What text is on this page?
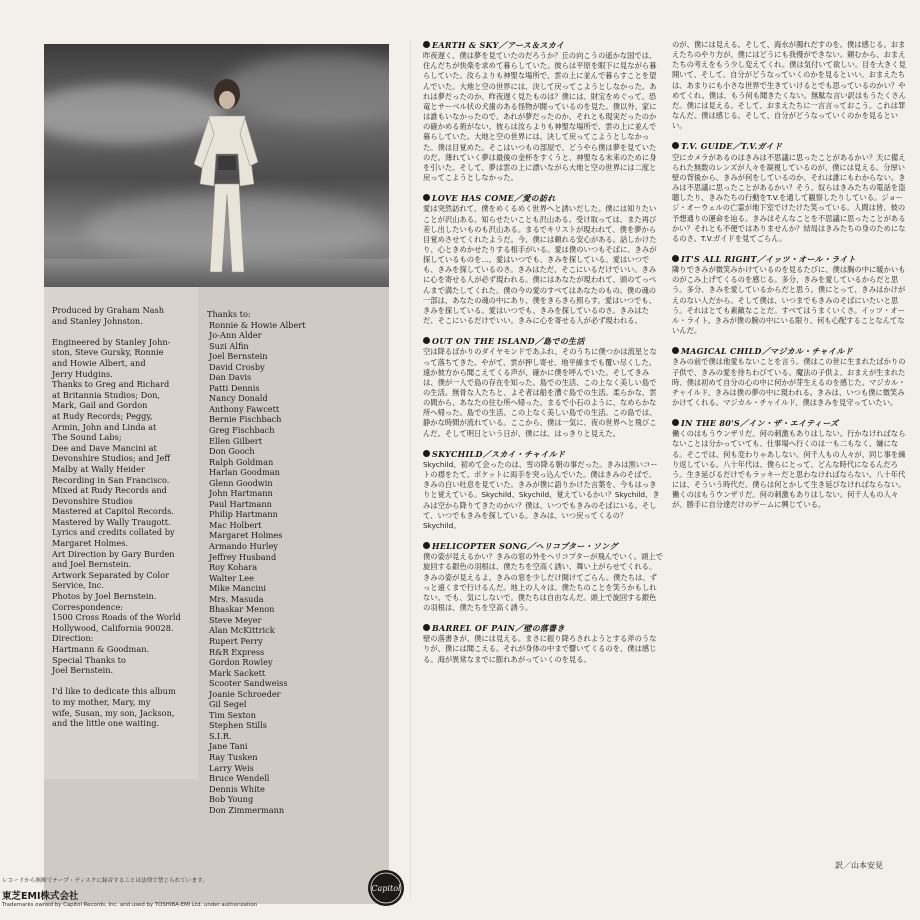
Produced by Graham Nash
and Stanley Johnston.

Engineered by Stanley John-
ston, Steve Gursky, Ronnie
and Howie Albert, and
Jerry Hudgins.
Thanks to Greg and Richard
at Britannia Studios; Don,
Mark, Gail and Gordon
at Rudy Records; Peggy,
Armin, John and Linda at
The Sound Labs;
Dee and Dave Mancini at
Devonshire Studios; and Jeff
Malby at Wally Heider
Recording in San Francisco.
Mixed at Rudy Records and
Devonshire Studios
Mastered at Capitol Records.
Mastered by Wally Traugott.
Lyrics and credits collated by
Margaret Holmes.
Art Direction by Gary Burden
and Joel Bernstein.
Artwork Separated by Color
Service, Inc.
Photos by Joel Bernstein.
Correspondence:
1500 Cross Roads of the World
Hollywood, California 90028.
Direction:
Hartmann & Goodman.
Special Thanks to
Joel Bernstein.

I'd like to dedicate this album
to my mother, Mary, my
wife, Susan, my son, Jackson,
and the little one waiting.

Thanks to:
Ronnie & Howie Albert
Jo-Ann Alder
Suzi Alfin
Joel Bernstein
David Crosby
Dan Davis
Patti Dennis
Nancy Donald
Anthony Fawcett
Bernie Fischbach
Greg Fischbach
Ellen Gilbert
Don Gooch
Ralph Goldman
Harlan Goodman
Glenn Goodwin
John Hartmann
Paul Hartmann
Philip Hartmann
Mac Holbert
Margaret Holmes
Armando Hurley
Jeffrey Husband
Roy Kohara
Walter Lee
Mike Mancini
Mrs. Masuda
Bhaskar Menon
Steve Meyer
Alan McKittrick
Rupert Perry
R&R Express
Gordon Rowley
Mark Sackett
Scooter Sandweiss
Joanie Schroeder
Gil Segel
Tim Sexton
Stephen Stills
S.I.R.
Jane Tani
Ray Tusken
Larry Weis
Bruce Wendell
Dennis White
Bob Young
Don Zimmermann
レコードから無断でテープ・ディスクに録音することは法律で禁じられています。
東芝EMI株式会社
Trademarks owned by Capitol Records, Inc. and used by TOSHIBA-EMI Ltd. under authorization
Capitol
EARTH & SKY／アース＆スカイ
昨夜遅く、僕は夢を見ていたのだろうか？丘の向こうの遥かな国では、住んだちが快楽を求めて暮らしていた。彼らは平原を眼下に見ながら暮らしていた。汝らよりも神聖な場所で、雲の上に並んで暮らすことを望んでいた。大地と空の世界には、決して戻ってこようとしなかった。あれは夢だったのか、昨夜遅く見たものは？僕には、財宝をめぐって、恐竜とサーベル状の犬歯のある怪物が闘っているのを見た。僕以外、家には誰もいなかったので、あれが夢だったのか、それとも現実だったのかの確かめる術がない。彼らは汝らよりも神聖な場所で、雲の上に並んで暮らしていた。大地と空の世界には、決して戻ってこようとしなかった。僕は目覚めた。そこはいつもの部屋で、どうやら僕は夢を見ていたのだ。薄れていく夢は最後の金杯をすくうと、神聖なる未来のために身を引いた。そして、夢は雲の上に漂いながら大地と空の世界には二度と戻ってこようとしなかった。
LOVE HAS COME／愛の訪れ
愛は突然訪れて、僕をめくるめく世界へと誘いだした。僕には知りたいことが沢山ある。知らせたいことも沢山ある。受け取っては、また再び差し出したいものも沢山ある。まるでキリストが現われて、僕を夢から目覚めさせてくれたようだ。今、僕には頼れる安心がある。話しかけたり、心ときめかせたりする相手がいる。愛は僕のいつもそばに、きみが探しているものを…。愛はいつでも、きみを探している。愛はいつでも、きみを探しているのさ。きみはただ、そこにいるだけでいい。きみに心を寄せる人が必ず現われる。僕にはあなたが現われて、頭のてっぺんまで満たしてくれた。僕の今の愛のすべてはあなたのもの。僕の魂の一部は、あなたの魂の中にあり、僕をきらきら照らす。愛はいつでも、きみを探している。愛はいつでも、きみを探しているのさ。きみはただ、そこにいるだけでいい。きみに心を寄せる人が必ず現われる。
OUT ON THE ISLAND／島での生活
空は降るばかりのダイヤモンドであふれ、そのうちに僕つかは流星となって落ちてきた。やがて、雲が押し寄せ、地平線までも覆い尽くした。遠か彼方から聞こえてくる声が、確かに僕を呼んでいた。そしてきみは、僕が一人で島の存在を知った。島での生活、この上なく美しい島での生活。無骨な人たちと、よそ者は船を漕ぐ島での生活。柔らかな、雲の間から、あなたの住む所へ帰った。まるで小石のように、なめらかな所へ帰った。島での生活、この上なく美しい島での生活。この島では、静かな時間が流れている。ここから、僕は一気に、夜の世界へと飛びこんだ。そして明日という日が、僕には、はっきりと見えた。
SKYCHILD／スカイ・チャイルド
Skychild、初めて会ったのは、雪の降る朝の事だった。きみは黒いコートの襟をたて、ポケットに両手を突っ込んでいた。僕はきみのそばで、きみの白い吐息を見ていた。きみが僕に語りかけた言葉を、今もはっきりと覚えている。Skychild、Skychild、覚えているかい？Skychild、きみは空から降りてきたのかい？僕は、いつでもきみのそばにいる。そして、いつでもきみを探している。きみは、いつ戻ってくるの？Skychild。
HELICOPTER SONG／ヘリコプター・ソング
僕の姿が見えるかい？きみの窓の外をヘリコプターが飛んでいく。頭上で旋回する銀色の羽根は、僕たちを空高く誘い、舞い上がらせてくれる。きみの姿が見えるよ。きみの窓を少しだけ開けてごらん。僕たちは、ずっと遠くまで行けるんだ。地上の人々は、僕たちのことを笑うかもしれない。でも、気にしないで。僕たちは自由なんだ。頭上で旋回する銀色の羽根は、僕たちを空高く誘う。
BARREL OF PAIN／壁の落書き
壁の落書きが、僕には見える。まさに振り降ろされようとする斧のうなりが、僕には聞こえる。それが身体の中まで響いてくるのを、僕は感じる。海が異常なまでに膨れあがっていくのを見る。
のが、僕には見える。そして、海水が濁れだすのを。僕は感じる。おまえたちのやり方が、僕にはどうにも我慢ができない。頼むから、おまえたちの考えをもう少し変えてくれ。僕は気付いて欲しい。目を大きく見開いて、そして、自分がどうなっていくのかを見るといい。おまえたちは、あまりにも小さな世界で生きていけるとでも思っているのかい？やめてくれ。僕は、もう何も聞きたくない。無駄な言い訳はもうたくさんだ。僕には見える。そして、おまえたちに一言言っておこう。これは罪なんだ。僕は感じる。そして、自分がどうなっていくのかを見るといい。
T.V. GUIDE／T.V.ガイド
空にカメラがあるのはきみは不思議に思ったことがあるかい？天に備えられた無数のレンズが人々を凝視しているのが、僕には見える。分厚い壁の背後から、きみが何をしているのか、それは誰にもわからない。きみは不思議に思ったことがあるかい？そう、奴らはきみたちの電話を盗聴したり、きみたちの行動をT.V.を通して観察したりしている。ジョージ・オーウェルの亡霊が地下室でけたけた笑っている。人間は皆、彼の予想通りの運命を辿る。きみはそんなことを不思議に思ったことがあるかい？それとも不便ではありませんか？結局はきみたちの身のためになるのさ。T.V.ガイドを見てごらん。
IT'S ALL RIGHT／イッツ・オール・ライト
隣りできみが微笑みかけているのを見るたびに、僕は胸の中に暖かいものがこみ上げてくるのを感じる。多分、きみを愛しているからだと思う。多分、きみを愛しているからだと思う。僕にとって、きみはかけがえのない人だから。そして僕は、いつまでもきみのそばにいたいと思う。それはとても素敵なことだ。すべてはうまくいくさ。イッツ・オール・ライト。きみが僕の腕の中にいる限り、何も心配することなんてないんだ。
MAGICAL CHILD／マジカル・チャイルド
きみの前で僕は他愛もないことを言う。僕はこの世に生まれたばかりの子供で、きみの愛を待ちわびている。魔法の子供よ、おまえが生まれた時、僕は初めて自分の心の中に何かが芽生えるのを感じた。マジカル・チャイルド、きみは僕の夢の中に現われる。きみは、いつも僕に微笑みかけてくれる。マジカル・チャイルド、僕はきみを見守っていたい。
IN THE 80'S／イン・ザ・エイティーズ
働くのはもうウンザリだ。何の刺激もありはしない。行かなければならないことは分かっていても、仕事場へ行くのは一も二もなく、嫌になる。そこでは、何も変わりゃあしない。何千人もの人々が、同じ事を繰り返している。八十年代は、僕らにとって、どんな時代になるんだろう。生き延びるだけでもラッキーだと思わなければならない。八十年代には、そういう時代だ。僕らは何とかして生き延びなければならない。働くのはもうウンザリだ。何の刺激もありはしない。何千人もの人々が、勝手に自分達だけのゲームに興じている。
訳／山本安見
